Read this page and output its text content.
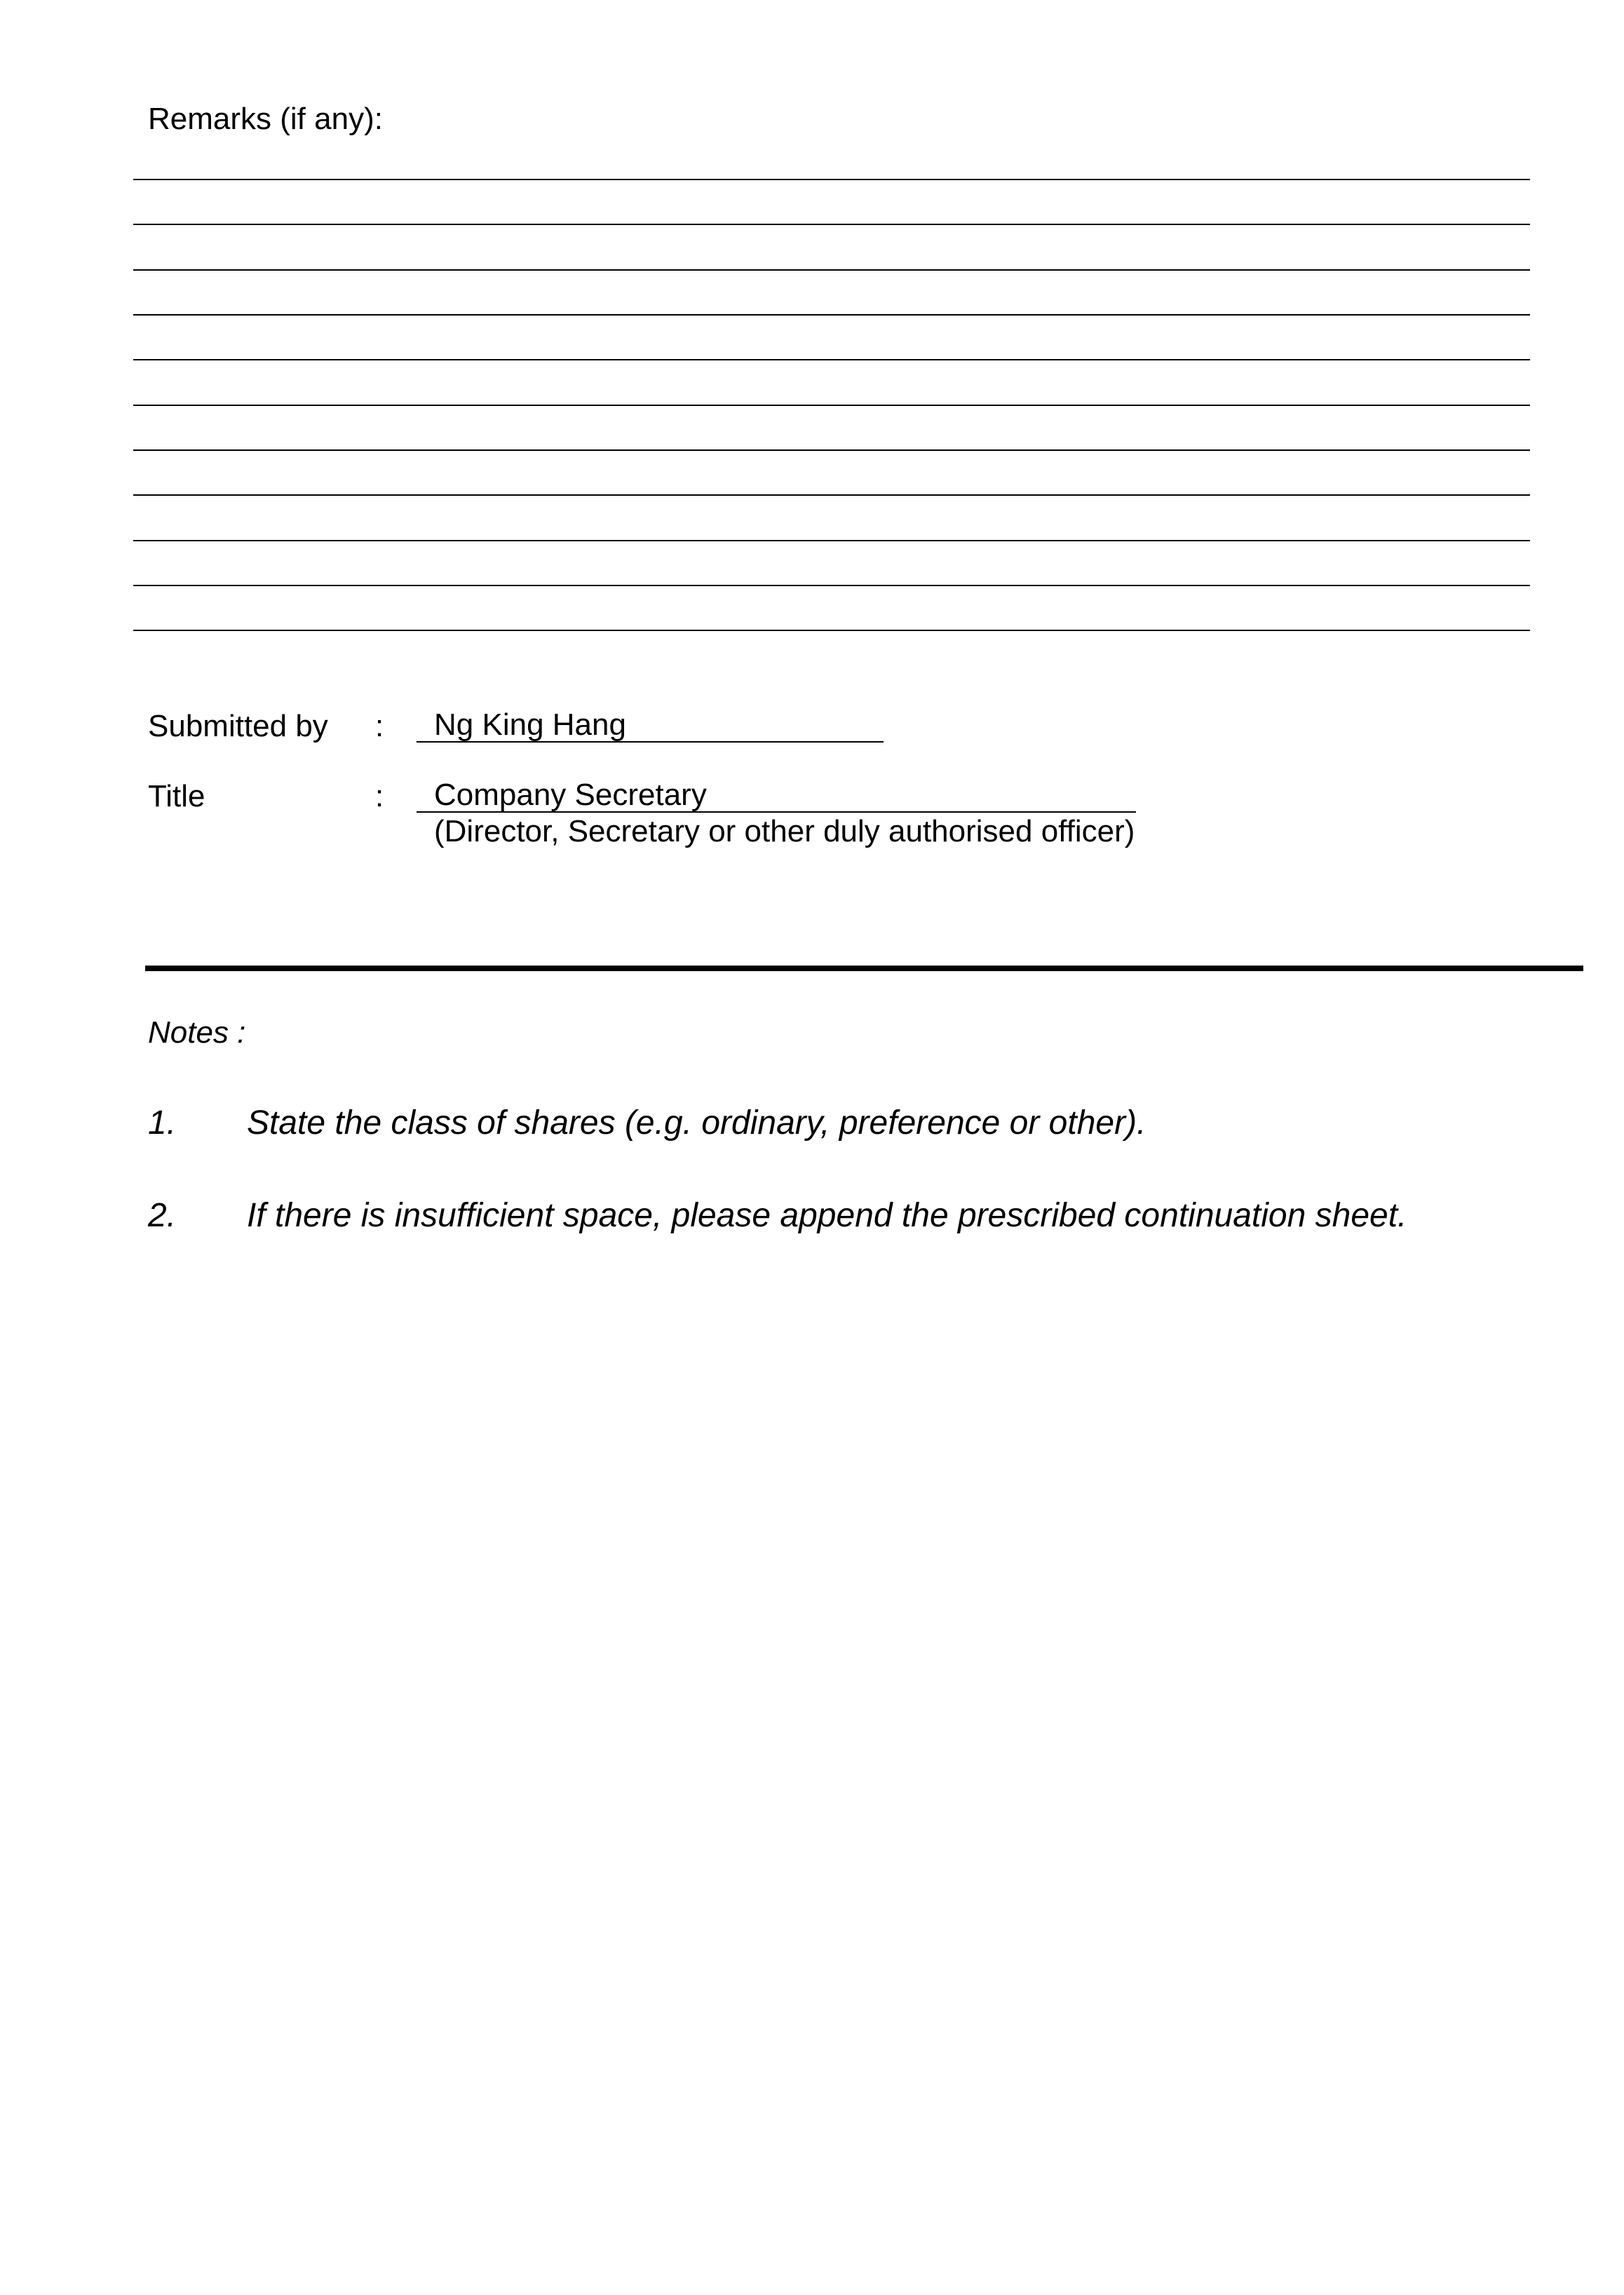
Remarks (if any):
Submitted by : Ng King Hang
Title	: Company Secretary
(Director, Secretary or other duly authorised officer)
Notes :
1. State the class of shares (e.g. ordinary, preference or other).
2. If there is insufficient space, please append the prescribed continuation sheet.
